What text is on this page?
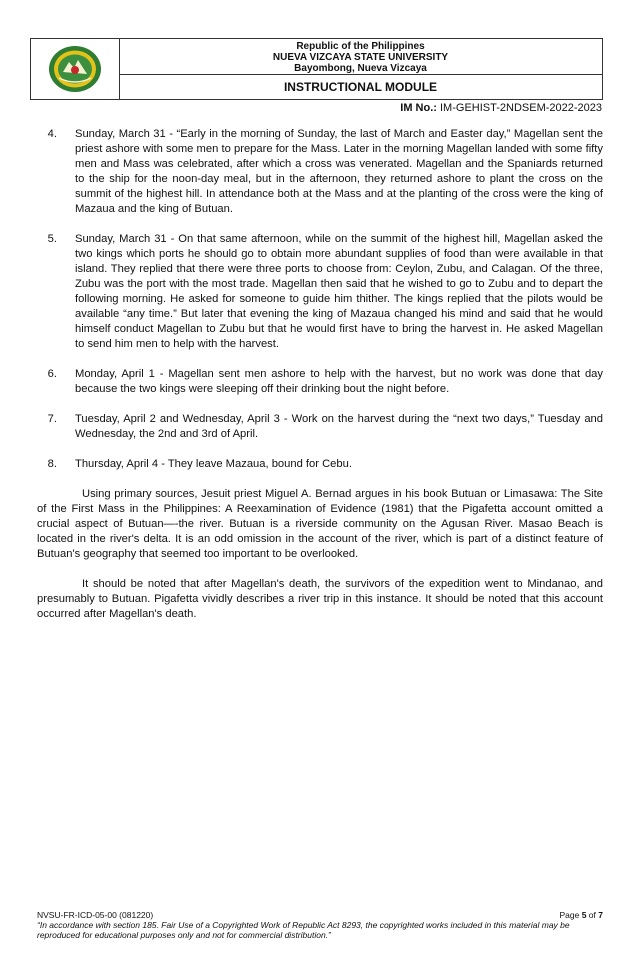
Republic of the Philippines
NUEVA VIZCAYA STATE UNIVERSITY
Bayombong, Nueva Vizcaya
INSTRUCTIONAL MODULE
IM No.: IM-GEHIST-2NDSEM-2022-2023
4.	Sunday, March 31 - “Early in the morning of Sunday, the last of March and Easter day,” Magellan sent the priest ashore with some men to prepare for the Mass. Later in the morning Magellan landed with some fifty men and Mass was celebrated, after which a cross was venerated. Magellan and the Spaniards returned to the ship for the noon-day meal, but in the afternoon, they returned ashore to plant the cross on the summit of the highest hill. In attendance both at the Mass and at the planting of the cross were the king of Mazaua and the king of Butuan.
5.	Sunday, March 31 - On that same afternoon, while on the summit of the highest hill, Magellan asked the two kings which ports he should go to obtain more abundant supplies of food than were available in that island. They replied that there were three ports to choose from: Ceylon, Zubu, and Calagan. Of the three, Zubu was the port with the most trade. Magellan then said that he wished to go to Zubu and to depart the following morning. He asked for someone to guide him thither. The kings replied that the pilots would be available “any time.” But later that evening the king of Mazaua changed his mind and said that he would himself conduct Magellan to Zubu but that he would first have to bring the harvest in. He asked Magellan to send him men to help with the harvest.
6.	Monday, April 1 - Magellan sent men ashore to help with the harvest, but no work was done that day because the two kings were sleeping off their drinking bout the night before.
7.	Tuesday, April 2 and Wednesday, April 3 - Work on the harvest during the “next two days,” Tuesday and Wednesday, the 2nd and 3rd of April.
8.	Thursday, April 4 - They leave Mazaua, bound for Cebu.

Using primary sources, Jesuit priest Miguel A. Bernad argues in his book Butuan or Limasawa: The Site of the First Mass in the Philippines: A Reexamination of Evidence (1981) that the Pigafetta account omitted a crucial aspect of Butuan—-the river. Butuan is a riverside community on the Agusan River. Masao Beach is located in the river's delta. It is an odd omission in the account of the river, which is part of a distinct feature of Butuan's geography that seemed too important to be overlooked.

It should be noted that after Magellan's death, the survivors of the expedition went to Mindanao, and presumably to Butuan. Pigafetta vividly describes a river trip in this instance. It should be noted that this account occurred after Magellan's death.

NVSU-FR-ICD-05-00 (081220)	Page 5 of 7
“In accordance with section 185. Fair Use of a Copyrighted Work of Republic Act 8293, the copyrighted works included in this material may be reproduced for educational purposes only and not for commercial distribution.”
